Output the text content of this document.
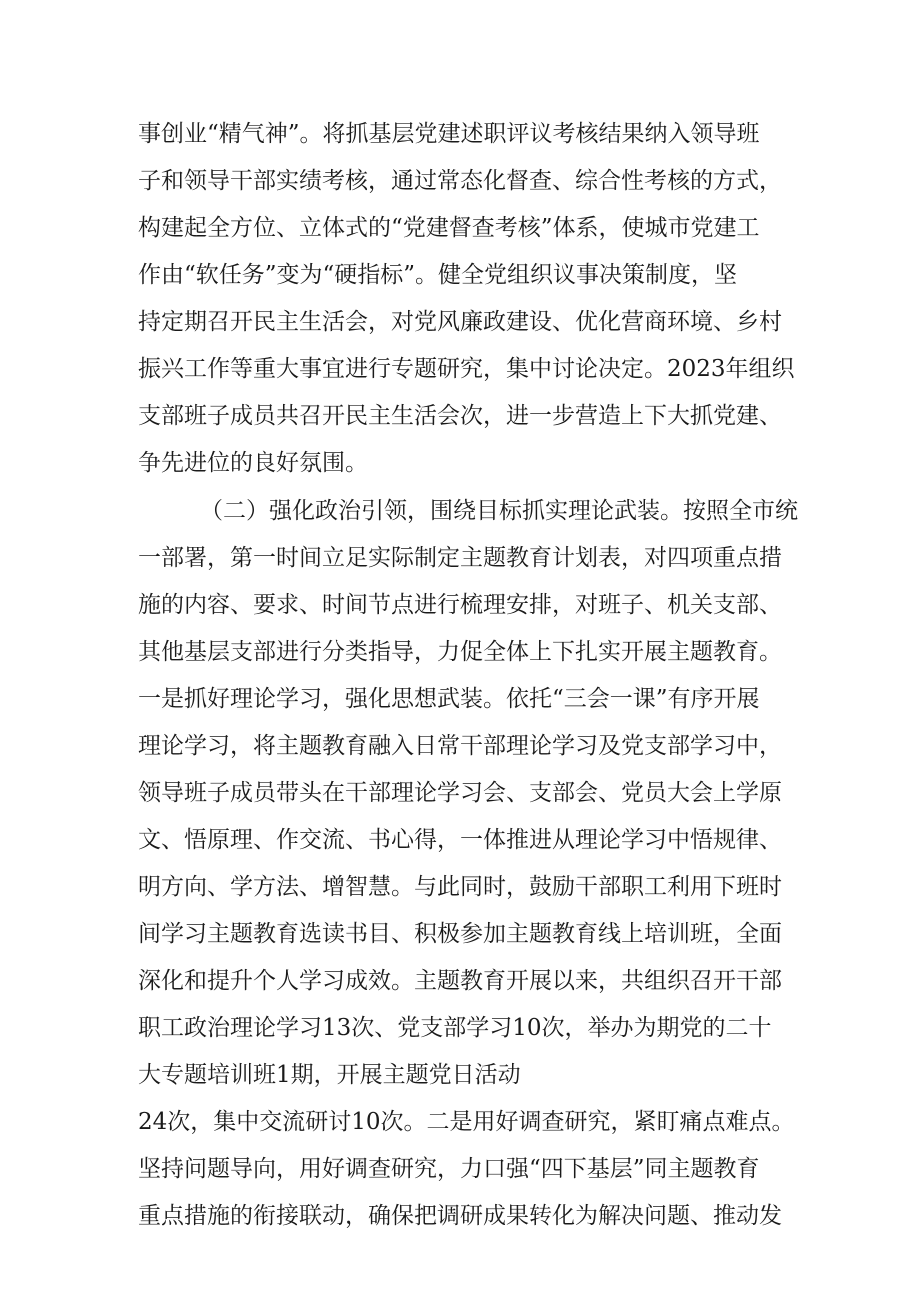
事创业“精气神”。将抓基层党建述职评议考核结果纳入领导班
子和领导干部实绩考核，通过常态化督查、综合性考核的方式，
构建起全方位、立体式的“党建督查考核”体系，使城市党建工
作由“软任务”变为“硬指标”。健全党组织议事决策制度，坚
持定期召开民主生活会，对党风廉政建设、优化营商环境、乡村
振兴工作等重大事宜进行专题研究，集中讨论决定。2023年组织
支部班子成员共召开民主生活会次，进一步营造上下大抓党建、
争先进位的良好氛围。
（二）强化政治引领，围绕目标抓实理论武装。按照全市统
一部署，第一时间立足实际制定主题教育计划表，对四项重点措
施的内容、要求、时间节点进行梳理安排，对班子、机关支部、
其他基层支部进行分类指导，力促全体上下扎实开展主题教育。
一是抓好理论学习，强化思想武装。依托“三会一课”有序开展
理论学习，将主题教育融入日常干部理论学习及党支部学习中，
领导班子成员带头在干部理论学习会、支部会、党员大会上学原
文、悟原理、作交流、书心得，一体推进从理论学习中悟规律、
明方向、学方法、增智慧。与此同时，鼓励干部职工利用下班时
间学习主题教育选读书目、积极参加主题教育线上培训班，全面
深化和提升个人学习成效。主题教育开展以来，共组织召开干部
职工政治理论学习13次、党支部学习10次，举办为期党的二十
大专题培训班1期，开展主题党日活动
24次，集中交流研讨10次。二是用好调查研究，紧盯痛点难点。
坚持问题导向，用好调查研究，力口强“四下基层”同主题教育
重点措施的衔接联动，确保把调研成果转化为解决问题、推动发
